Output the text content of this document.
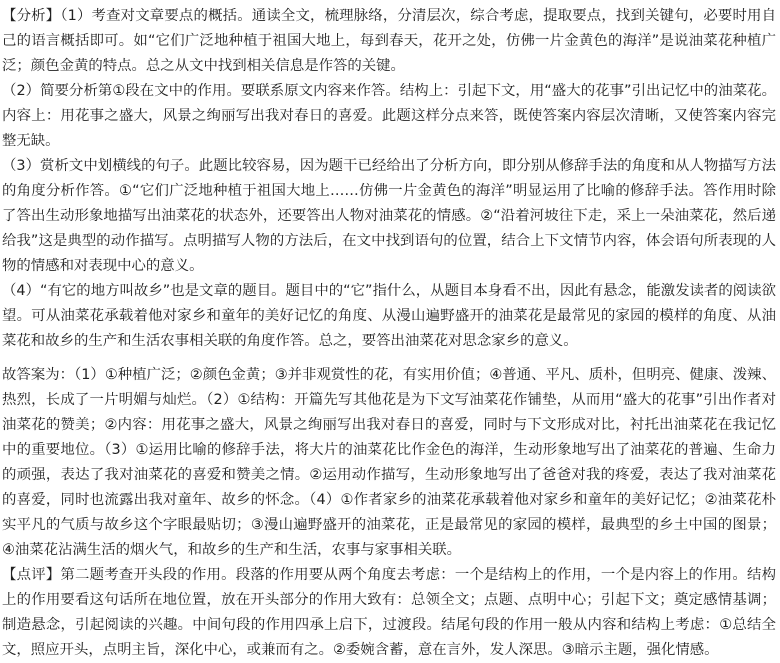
【分析】（1）考查对文章要点的概括。通读全文，梳理脉络，分清层次，综合考虑，提取要点，找到关键句，必要时用自己的语言概括即可。如“它们广泛地种植于祖国大地上，每到春天，花开之处，仿佛一片金黄色的海洋”是说油菜花种植广泛；颜色金黄的特点。总之从文中找到相关信息是作答的关键。

（2）简要分析第①段在文中的作用。要联系原文内容来作答。结构上：引起下文，用“盛大的花事”引出记忆中的油菜花。内容上：用花事之盛大，风景之绚丽写出我对春日的喜爱。此题这样分点来答，既使答案内容层次清晰，又使答案内容完整无缺。

（3）赏析文中划横线的句子。此题比较容易，因为题干已经给出了分析方向，即分别从修辞手法的角度和从人物描写方法的角度分析作答。①“它们广泛地种植于祖国大地上……仿佛一片金黄色的海洋”明显运用了比喻的修辞手法。答作用时除了答出生动形象地描写出油菜花的状态外，还要答出人物对油菜花的情感。②“沿着河坡往下走，采上一朵油菜花，然后递给我”这是典型的动作描写。点明描写人物的方法后，在文中找到语句的位置，结合上下文情节内容，体会语句所表现的人物的情感和对表现中心的意义。

（4）“有它的地方叫故乡”也是文章的题目。题目中的“它”指什么，从题目本身看不出，因此有悬念，能激发读者的阅读欲望。可从油菜花承载着他对家乡和童年的美好记忆的角度、从漫山遍野盛开的油菜花是最常见的家园的模样的角度、从油菜花和故乡的生产和生活农事相关联的角度作答。总之，要答出油菜花对思念家乡的意义。

故答案为：（1）①种植广泛；②颜色金黄；③并非观赏性的花，有实用价值；④普通、平凡、质朴，但明亮、健康、泼辣、热烈，长成了一片明媚与灿烂。（2）①结构：开篇先写其他花是为下文写油菜花作铺垫，从而用“盛大的花事”引出作者对油菜花的赞美；②内容：用花事之盛大，风景之绚丽写出我对春日的喜爱，同时与下文形成对比，衬托出油菜花在我记忆中的重要地位。（3）①运用比喻的修辞手法，将大片的油菜花比作金色的海洋，生动形象地写出了油菜花的普遍、生命力的顽强，表达了我对油菜花的喜爱和赞美之情。②运用动作描写，生动形象地写出了爸爸对我的疼爱，表达了我对油菜花的喜爱，同时也流露出我对童年、故乡的怀念。（4）①作者家乡的油菜花承载着他对家乡和童年的美好记忆；②油菜花朴实平凡的气质与故乡这个字眼最贴切；③漫山遍野盛开的油菜花，正是最常见的家园的模样，最典型的乡土中国的图景；④油菜花沾满生活的烟火气，和故乡的生产和生活，农事与家事相关联。

【点评】第二题考查开头段的作用。段落的作用要从两个角度去考虑：一个是结构上的作用，一个是内容上的作用。结构上的作用要看这句话所在地位置，放在开头部分的作用大致有：总领全文；点题、点明中心；引起下文；奠定感情基调；制造悬念，引起阅读的兴趣。中间句段的作用四承上启下，过渡段。结尾句段的作用一般从内容和结构上考虑：①总结全文，照应开头，点明主旨，深化中心，或兼而有之。②委婉含蓄，意在言外，发人深思。③暗示主题，强化情感。
